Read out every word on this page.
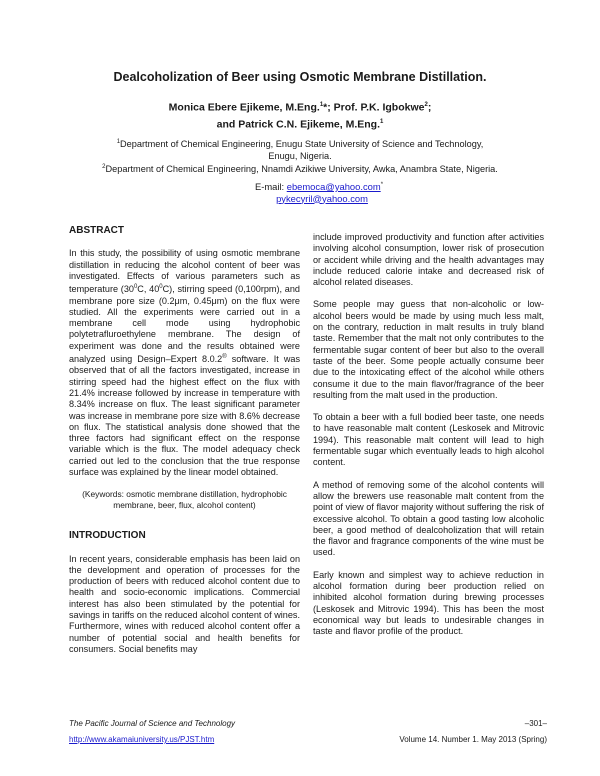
Dealcoholization of Beer using Osmotic Membrane Distillation.
Monica Ebere Ejikeme, M.Eng.$^1$*; Prof. P.K. Igbokwe$^2$;
and Patrick C.N. Ejikeme, M.Eng.$^1$
$^1$Department of Chemical Engineering, Enugu State University of Science and Technology,
Enugu, Nigeria.
$^2$Department of Chemical Engineering, Nnamdi Azikiwe University, Awka, Anambra State, Nigeria.
E-mail: ebemoca@yahoo.com*
pykecyril@yahoo.com
ABSTRACT
In this study, the possibility of using osmotic membrane distillation in reducing the alcohol content of beer was investigated. Effects of various parameters such as temperature ($30^0C$, $40^0C$), stirring speed (0,100rpm), and membrane pore size (0.2μm, 0.45μm) on the flux were studied. All the experiments were carried out in a membrane cell mode using hydrophobic polytetrafluroethylene membrane. The design of experiment was done and the results obtained were analyzed using Design–Expert 8.0.2® software. It was observed that of all the factors investigated, increase in stirring speed had the highest effect on the flux with 21.4% increase followed by increase in temperature with 8.34% increase on flux. The least significant parameter was increase in membrane pore size with 8.6% decrease on flux. The statistical analysis done showed that the three factors had significant effect on the response variable which is the flux. The model adequacy check carried out led to the conclusion that the true response surface was explained by the linear model obtained.
(Keywords: osmotic membrane distillation, hydrophobic membrane, beer, flux, alcohol content)
INTRODUCTION
In recent years, considerable emphasis has been laid on the development and operation of processes for the production of beers with reduced alcohol content due to health and socio-economic implications. Commercial interest has also been stimulated by the potential for savings in tariffs on the reduced alcohol content of wines. Furthermore, wines with reduced alcohol content offer a number of potential social and health benefits for consumers. Social benefits may
include improved productivity and function after activities involving alcohol consumption, lower risk of prosecution or accident while driving and the health advantages may include reduced calorie intake and decreased risk of alcohol related diseases.
Some people may guess that non-alcoholic or low-alcohol beers would be made by using much less malt, on the contrary, reduction in malt results in truly bland taste. Remember that the malt not only contributes to the fermentable sugar content of beer but also to the overall taste of the beer. Some people actually consume beer due to the intoxicating effect of the alcohol while others consume it due to the main flavor/fragrance of the beer resulting from the malt used in the production.
To obtain a beer with a full bodied beer taste, one needs to have reasonable malt content (Leskosek and Mitrovic 1994). This reasonable malt content will lead to high fermentable sugar which eventually leads to high alcohol content.
A method of removing some of the alcohol contents will allow the brewers use reasonable malt content from the point of view of flavor majority without suffering the risk of excessive alcohol. To obtain a good tasting low alcoholic beer, a good method of dealcoholization that will retain the flavor and fragrance components of the wine must be used.
Early known and simplest way to achieve reduction in alcohol formation during beer production relied on inhibited alcohol formation during brewing processes (Leskosek and Mitrovic 1994). This has been the most economical way but leads to undesirable changes in taste and flavor profile of the product.
The Pacific Journal of Science and Technology
http://www.akamaiuniversity.us/PJST.htm
–301–
Volume 14. Number 1. May 2013 (Spring)
